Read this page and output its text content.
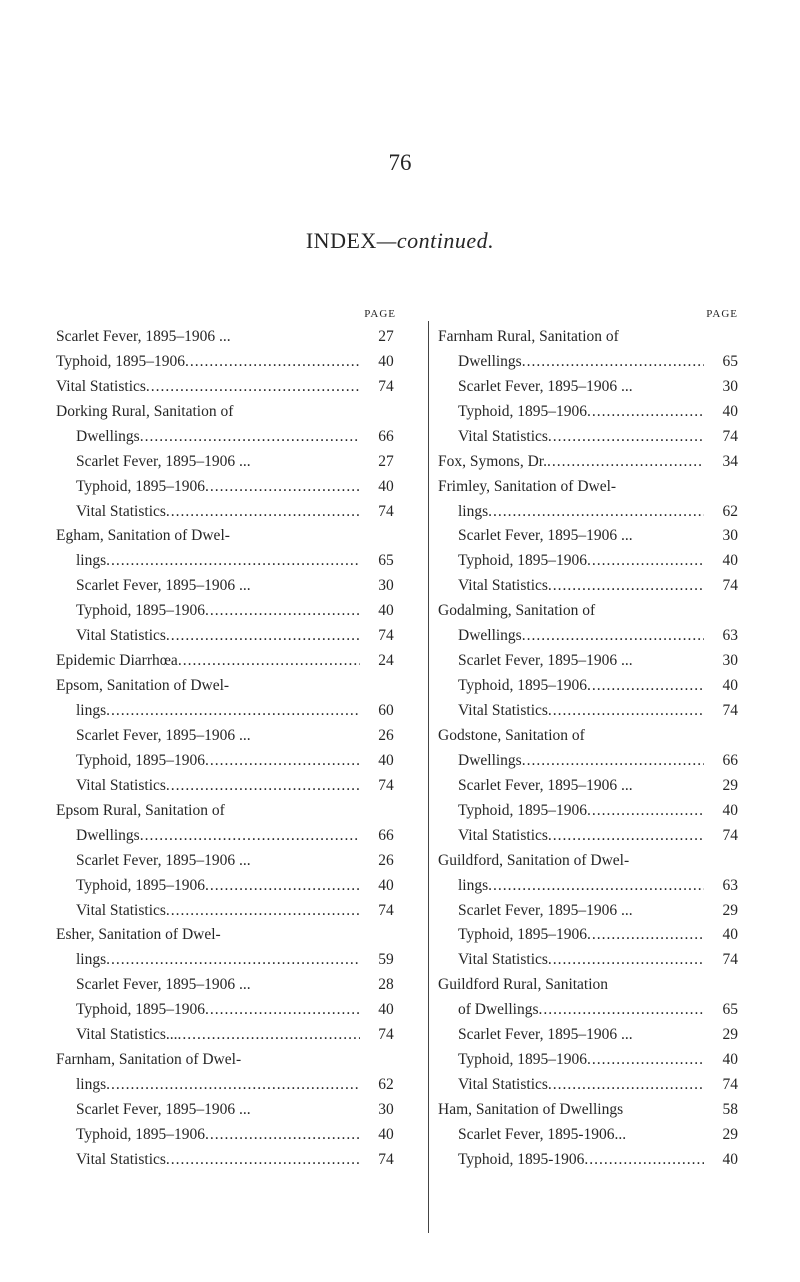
76
INDEX—continued.
PAGE
Scarlet Fever, 1895–1906 ...	27
Typhoid, 1895–1906 .....	40
Vital Statistics .....	74
Dorking Rural, Sanitation of
Dwellings .....	66
Scarlet Fever, 1895–1906 ...	27
Typhoid, 1895–1906 .....	40
Vital Statistics .....	74
Egham, Sanitation of Dwel-
lings .....	65
Scarlet Fever, 1895–1906 ...	30
Typhoid, 1895–1906 .....	40
Vital Statistics .....	74
Epidemic Diarrhœa .....	24
Epsom, Sanitation of Dwel-
lings .....	60
Scarlet Fever, 1895–1906 ...	26
Typhoid, 1895–1906 .....	40
Vital Statistics .....	74
Epsom Rural, Sanitation of
Dwellings .....	66
Scarlet Fever, 1895–1906 ...	26
Typhoid, 1895–1906 .....	40
Vital Statistics .....	74
Esher, Sanitation of Dwel-
lings .....	59
Scarlet Fever, 1895–1906 ...	28
Typhoid, 1895–1906 .....	40
Vital Statistics... .....	74
Farnham, Sanitation of Dwel-
lings .....	62
Scarlet Fever, 1895–1906 ...	30
Typhoid, 1895–1906 .....	40
Vital Statistics .....	74
PAGE
Farnham Rural, Sanitation of
Dwellings .....	65
Scarlet Fever, 1895–1906 ...	30
Typhoid, 1895–1906 .....	40
Vital Statistics .....	74
Fox, Symons, Dr. .....	34
Frimley, Sanitation of Dwel-
lings .....	62
Scarlet Fever, 1895–1906 ...	30
Typhoid, 1895–1906 .....	40
Vital Statistics .....	74
Godalming, Sanitation of
Dwellings .....	63
Scarlet Fever, 1895–1906 ...	30
Typhoid, 1895–1906 .....	40
Vital Statistics .....	74
Godstone, Sanitation of
Dwellings .....	66
Scarlet Fever, 1895–1906 ...	29
Typhoid, 1895–1906 .....	40
Vital Statistics .....	74
Guildford, Sanitation of Dwel-
lings .....	63
Scarlet Fever, 1895–1906 ...	29
Typhoid, 1895–1906 .....	40
Vital Statistics .....	74
Guildford Rural, Sanitation
of Dwellings .....	65
Scarlet Fever, 1895–1906 ...	29
Typhoid, 1895–1906 .....	40
Vital Statistics .....	74
Ham, Sanitation of Dwellings	58
Scarlet Fever, 1895-1906...	29
Typhoid, 1895-1906 .....	40
